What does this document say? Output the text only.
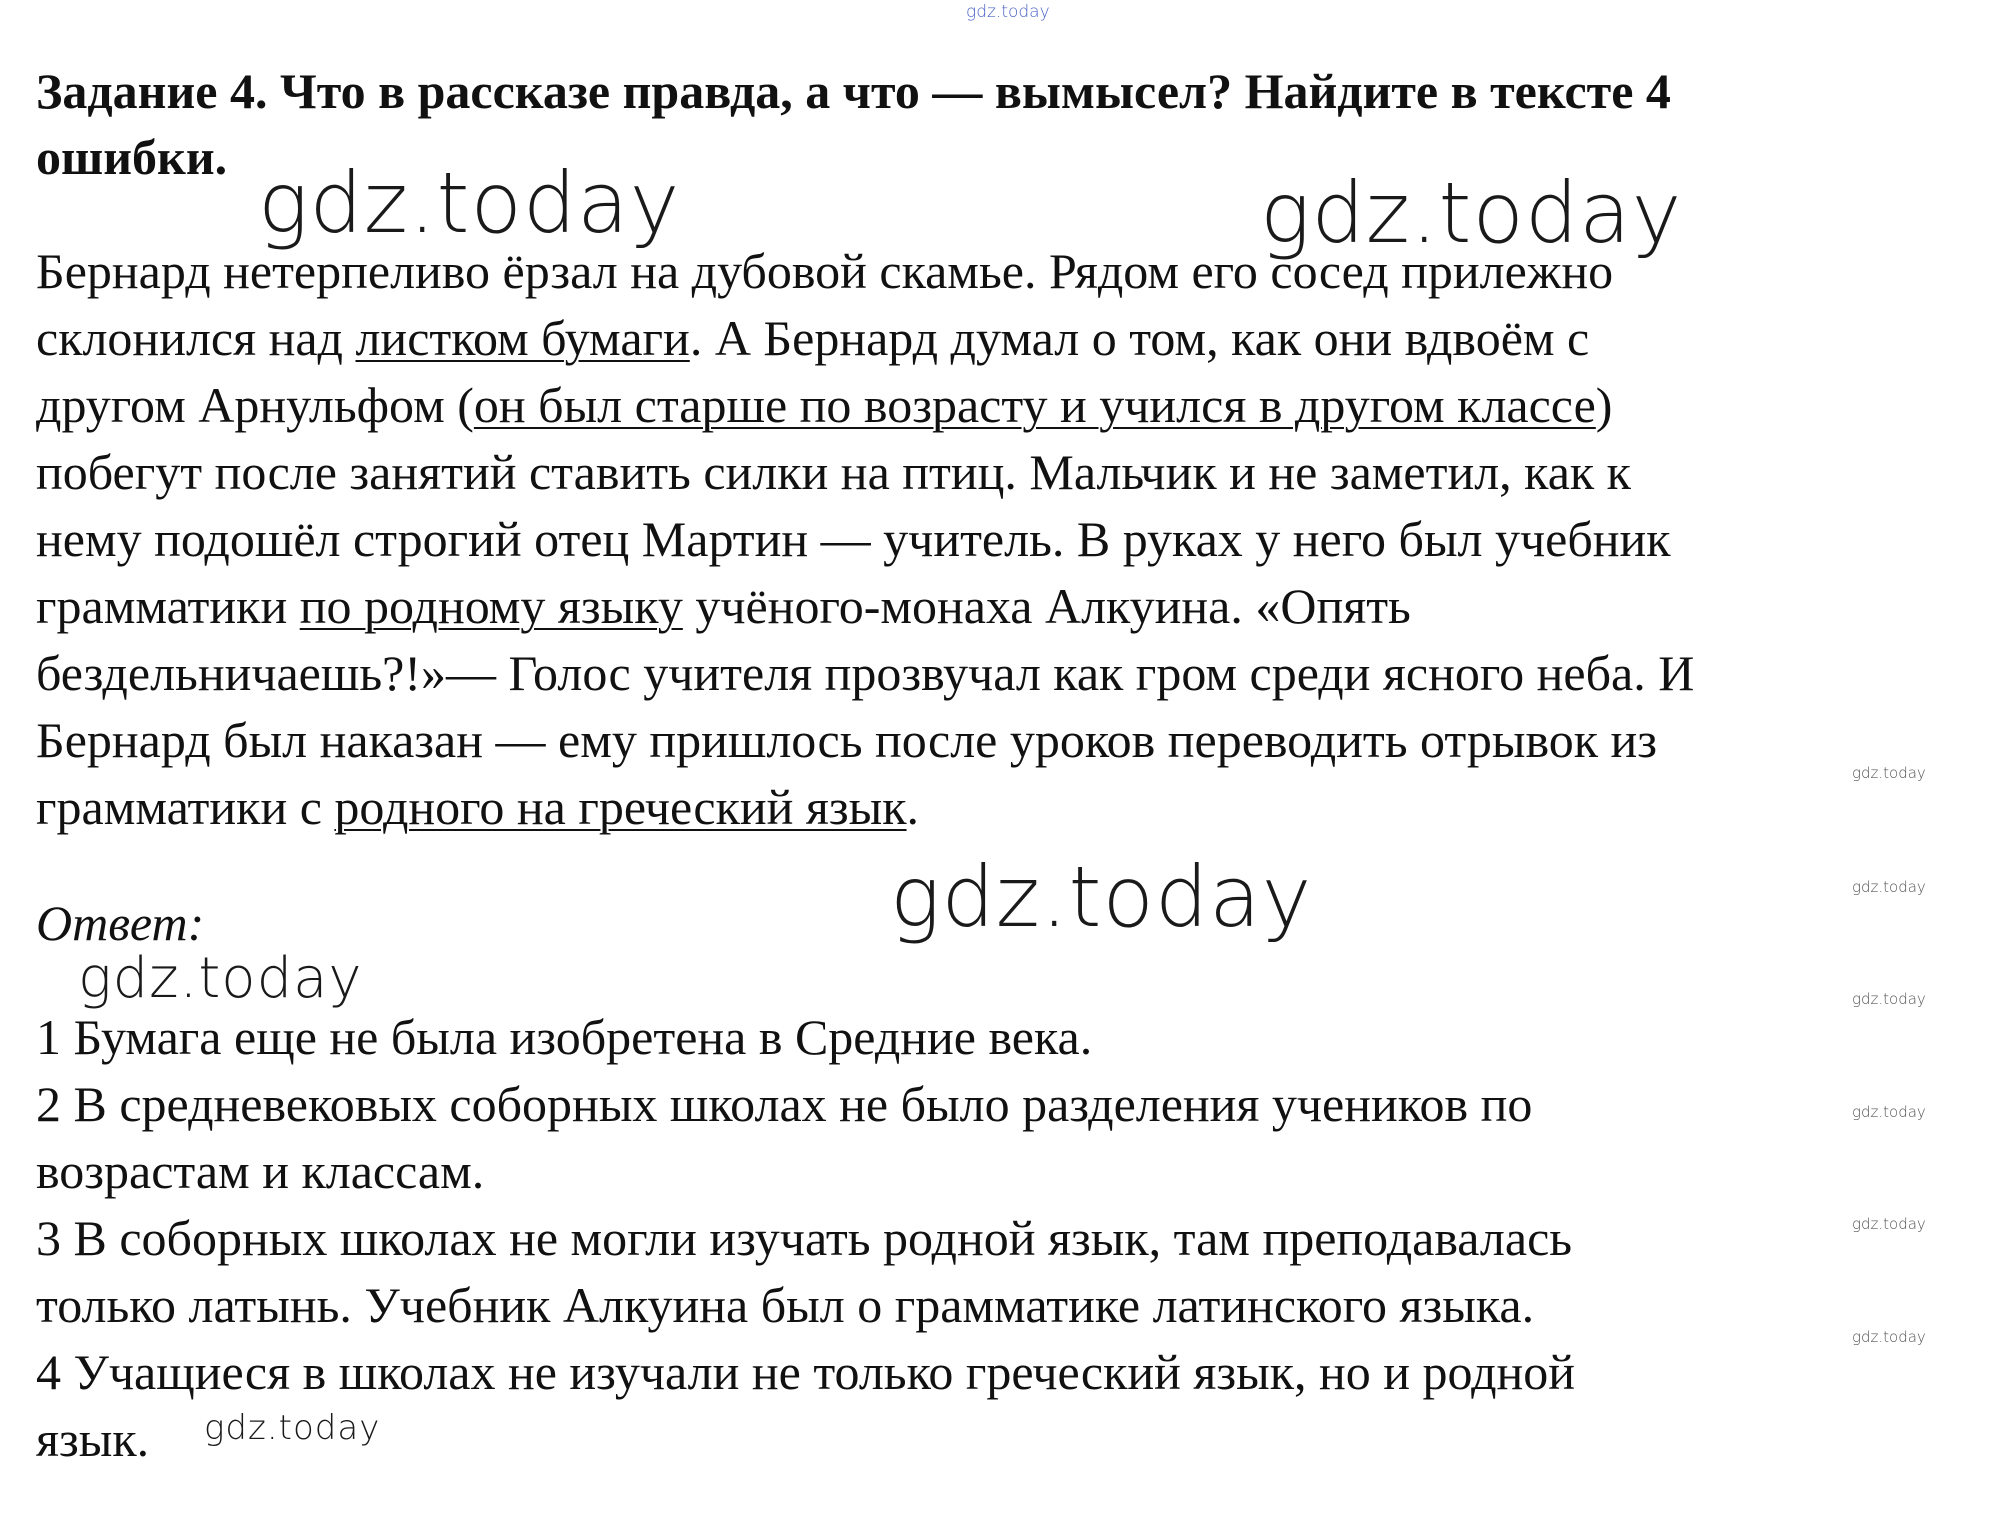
gdz.today
Задание 4. Что в рассказе правда, а что — вымысел? Найдите в тексте 4
ошибки. gdz.today	gdz.today

Бернард нетерпеливо ёрзал на дубовой скамье. Рядом его сосед прилежно
склонился над листком бумаги. А Бернард думал о том, как они вдвоём с
другом Арнульфом (он был старше по возрасту и учился в другом классе)
побегут после занятий ставить силки на птиц. Мальчик и не заметил, как к
нему подошёл строгий отец Мартин — учитель. В руках у него был учебник
грамматики по родному языку учёного-монаха Алкуина. «Опять
бездельничаешь?!»— Голос учителя прозвучал как гром среди ясного неба. И
Бернард был наказан — ему пришлось после уроков переводить отрывок из
грамматики с родного на греческий язык.

gdz.today
gdz.today	gdz.today

Ответ:

gdz.today	gdz.today
1 Бумага еще не была изобретена в Средние века.
2 В средневековых соборных школах не было разделения учеников по
возрастам и классам.
3 В соборных школах не могли изучать родной язык, там преподавалась
только латынь. Учебник Алкуина был о грамматике латинского языка.
4 Учащиеся в школах не изучали не только греческий язык, но и родной
язык.
gdz.today
gdz.today
gdz.today
gdz.today
